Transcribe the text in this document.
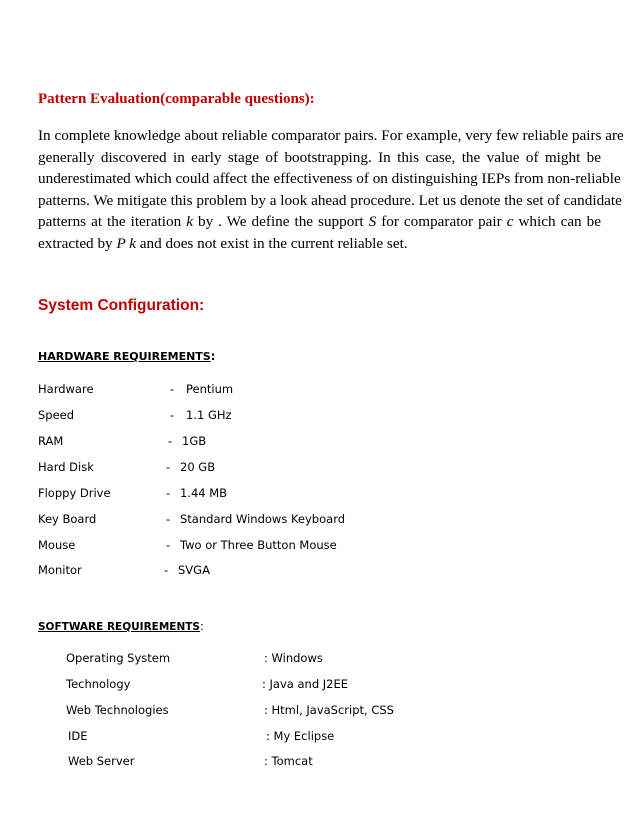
Pattern Evaluation(comparable questions):
In complete knowledge about reliable comparator pairs. For example, very few reliable pairs are
generally discovered in early stage of bootstrapping. In this case, the value of might be
underestimated which could affect the effectiveness of on distinguishing IEPs from non-reliable
patterns. We mitigate this problem by a look ahead procedure. Let us denote the set of candidate
patterns at the iteration k by . We define the support S for comparator pair c which can be
extracted by P k and does not exist in the current reliable set.
System Configuration:
HARDWARE REQUIREMENTS:
Hardware	- Pentium
Speed	- 1.1 GHz
RAM	- 1GB
Hard Disk	- 20 GB
Floppy Drive	- 1.44 MB
Key Board	- Standard Windows Keyboard
Mouse	- Two or Three Button Mouse
Monitor	- SVGA
SOFTWARE REQUIREMENTS:
Operating System	: Windows
Technology	: Java and J2EE
Web Technologies	: Html, JavaScript, CSS
IDE	: My Eclipse
Web Server	: Tomcat
